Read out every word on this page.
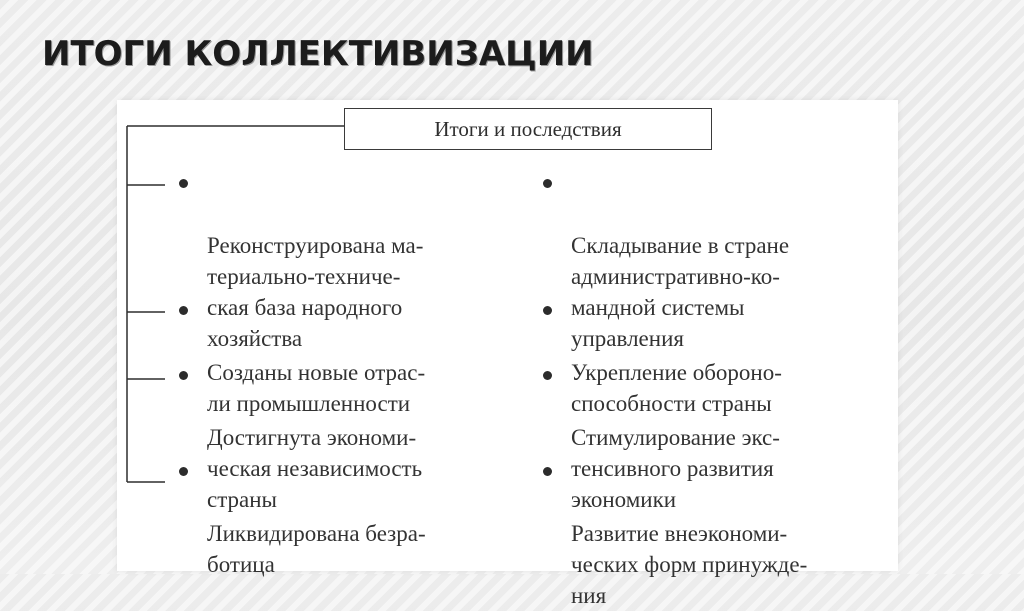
ИТОГИ КОЛЛЕКТИВИЗАЦИИ
Итоги и последствия

Реконструирована ма-
териально-техниче-
ская база народного
хозяйства

Созданы новые отрас-
ли промышленности

Достигнута экономи-
ческая независимость
страны

Ликвидирована безра-
ботица

Складывание в стране
административно-ко-
мандной системы
управления

Укрепление обороно-
способности страны

Стимулирование экс-
тенсивного развития
экономики

Развитие внеэкономи-
ческих форм принужде-
ния
